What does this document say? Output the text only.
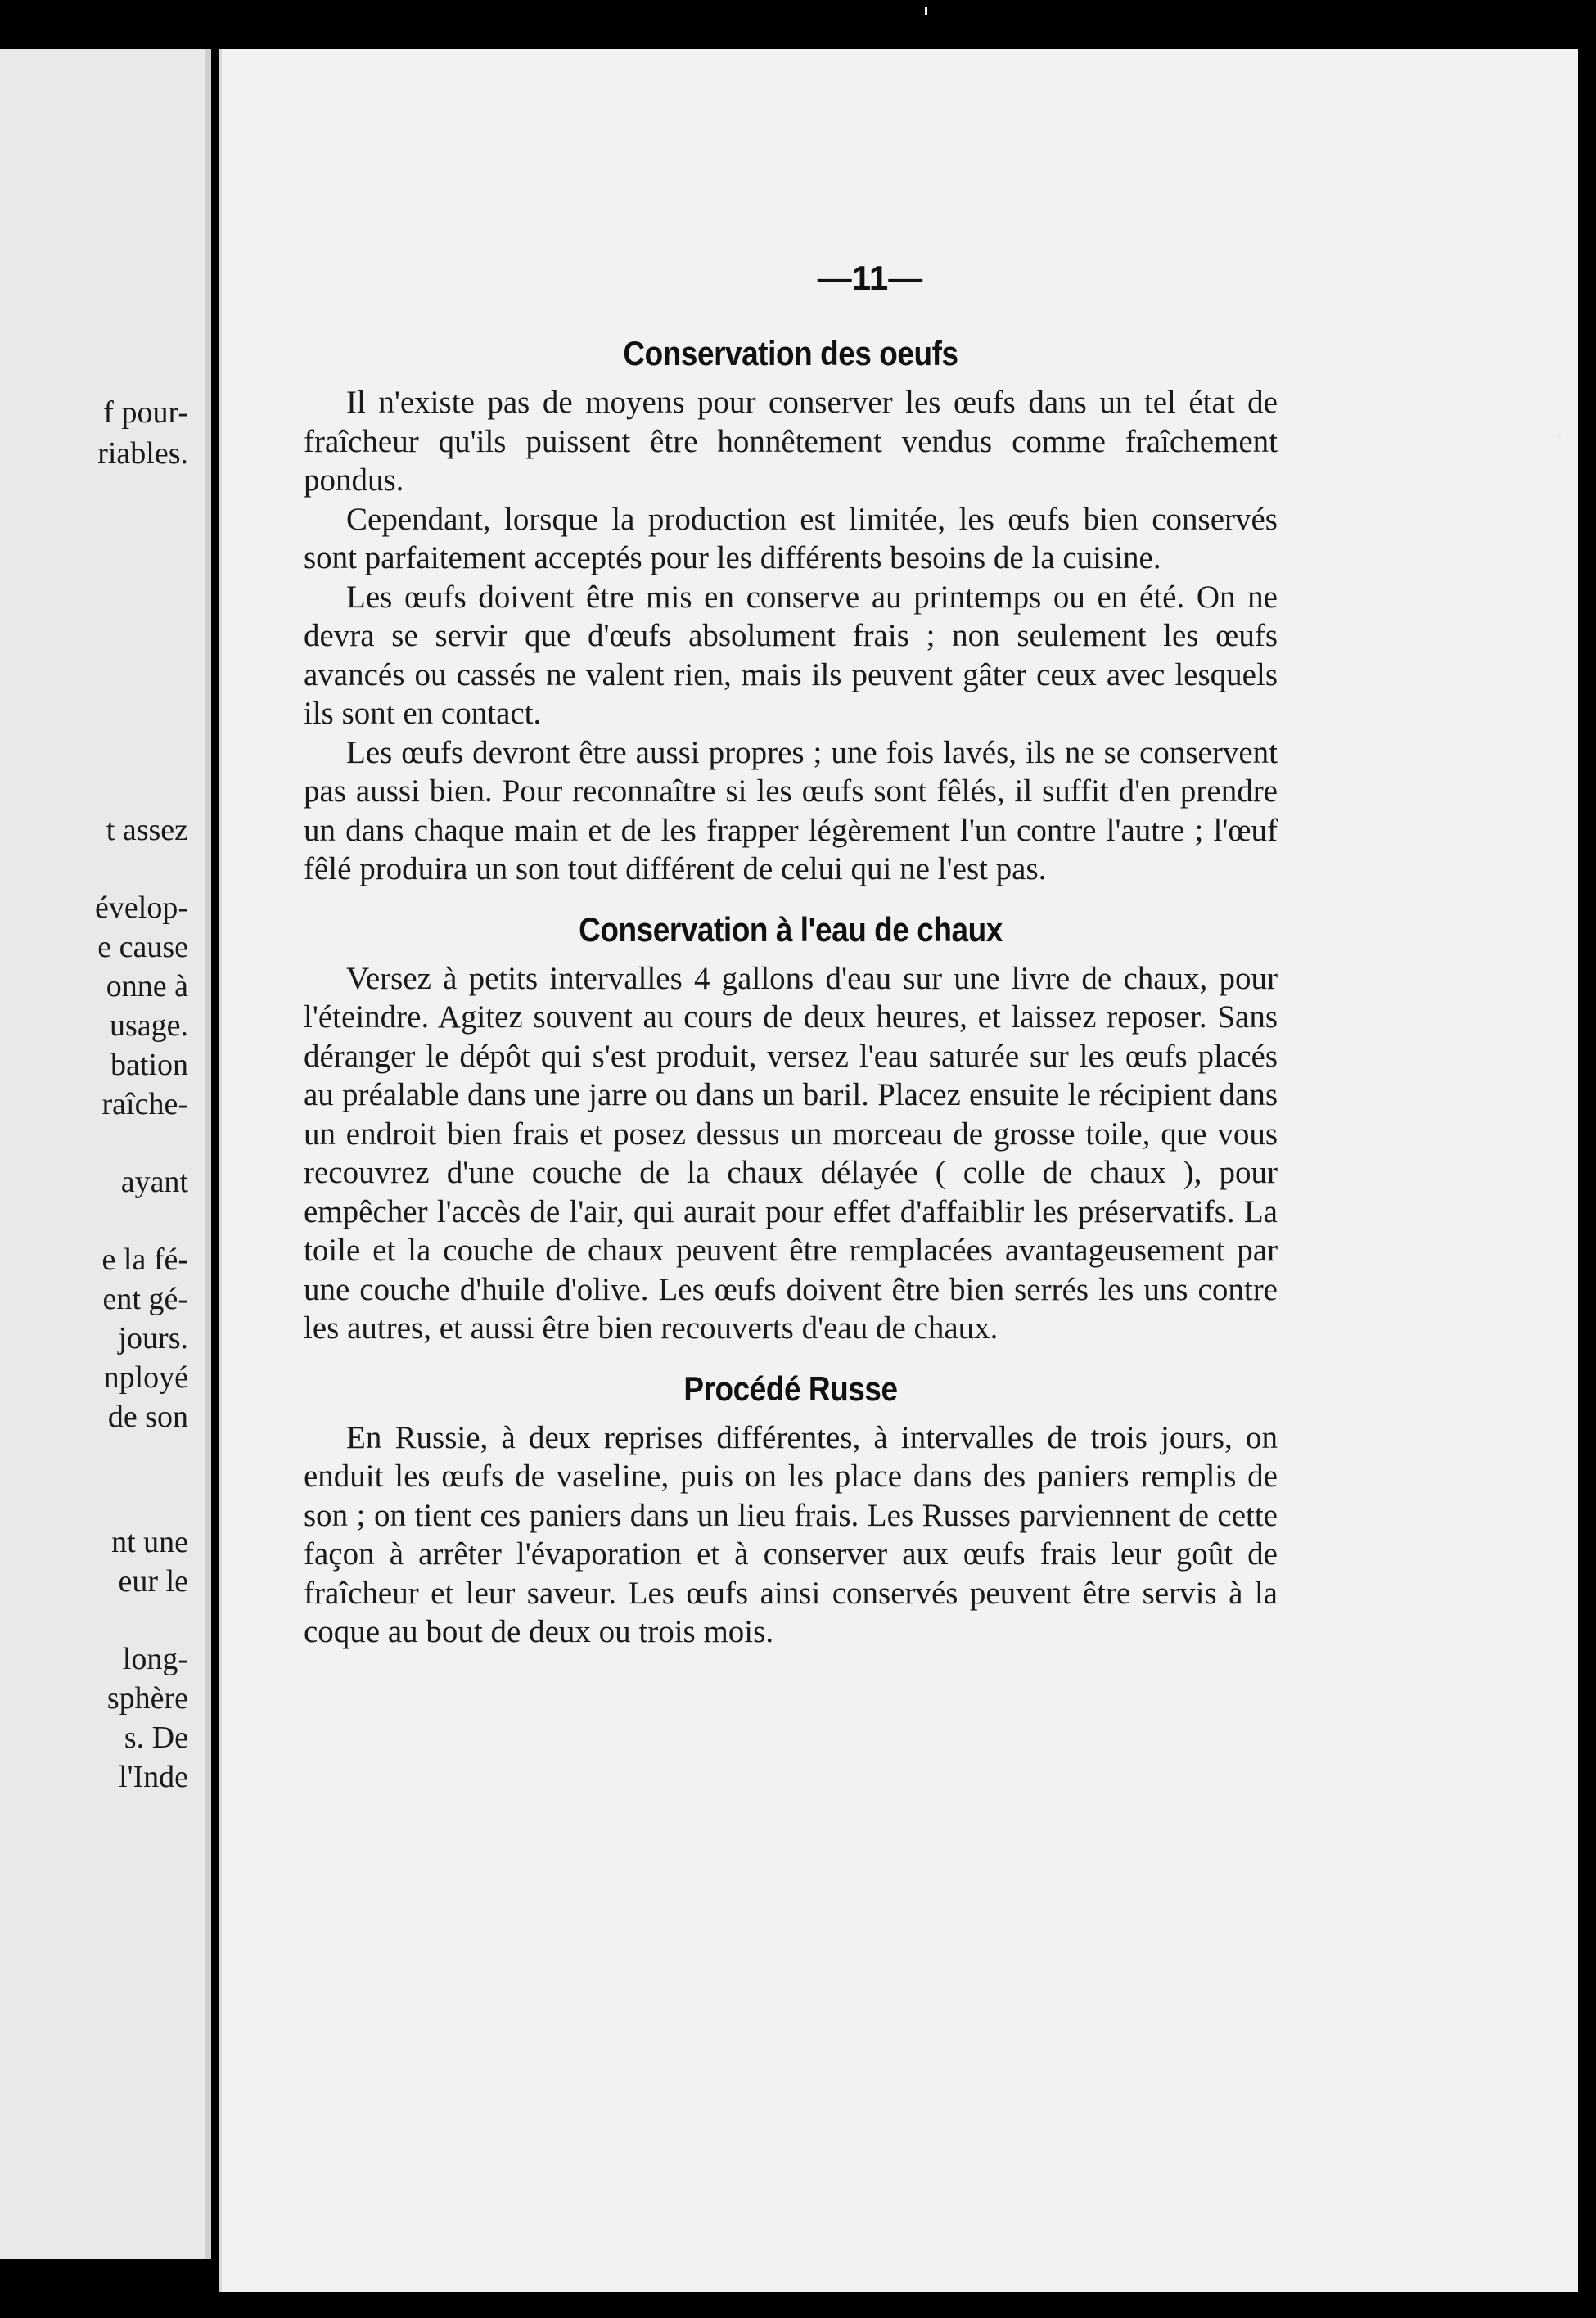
f pour-
riables.
t assez
évelop-
e cause
onne à
usage.
bation
raîche-
ayant
e la fé-
ent gé-
jours.
nployé
de son
nt une
eur le
long-
sphère
s. De
l'Inde
—11—
Conservation des oeufs

Il n'existe pas de moyens pour conserver les œufs dans un tel état de fraîcheur qu'ils puissent être honnêtement vendus comme fraîchement pondus.

Cependant, lorsque la production est limitée, les œufs bien conservés sont parfaitement acceptés pour les différents besoins de la cuisine.

Les œufs doivent être mis en conserve au printemps ou en été. On ne devra se servir que d'œufs absolument frais ; non seulement les œufs avancés ou cassés ne valent rien, mais ils peuvent gâter ceux avec lesquels ils sont en contact.

Les œufs devront être aussi propres ; une fois lavés, ils ne se conservent pas aussi bien. Pour reconnaître si les œufs sont fêlés, il suffit d'en prendre un dans chaque main et de les frapper légèrement l'un contre l'autre ; l'œuf fêlé produira un son tout différent de celui qui ne l'est pas.

Conservation à l'eau de chaux

Versez à petits intervalles 4 gallons d'eau sur une livre de chaux, pour l'éteindre. Agitez souvent au cours de deux heures, et laissez reposer. Sans déranger le dépôt qui s'est produit, versez l'eau saturée sur les œufs placés au préalable dans une jarre ou dans un baril. Placez ensuite le récipient dans un endroit bien frais et posez dessus un morceau de grosse toile, que vous recouvrez d'une couche de la chaux délayée ( colle de chaux ), pour empêcher l'accès de l'air, qui aurait pour effet d'affaiblir les préservatifs. La toile et la couche de chaux peuvent être remplacées avantageusement par une couche d'huile d'olive. Les œufs doivent être bien serrés les uns contre les autres, et aussi être bien recouverts d'eau de chaux.

Procédé Russe

En Russie, à deux reprises différentes, à intervalles de trois jours, on enduit les œufs de vaseline, puis on les place dans des paniers remplis de son ; on tient ces paniers dans un lieu frais. Les Russes parviennent de cette façon à arrêter l'évaporation et à conserver aux œufs frais leur goût de fraîcheur et leur saveur. Les œufs ainsi conservés peuvent être servis à la coque au bout de deux ou trois mois.
